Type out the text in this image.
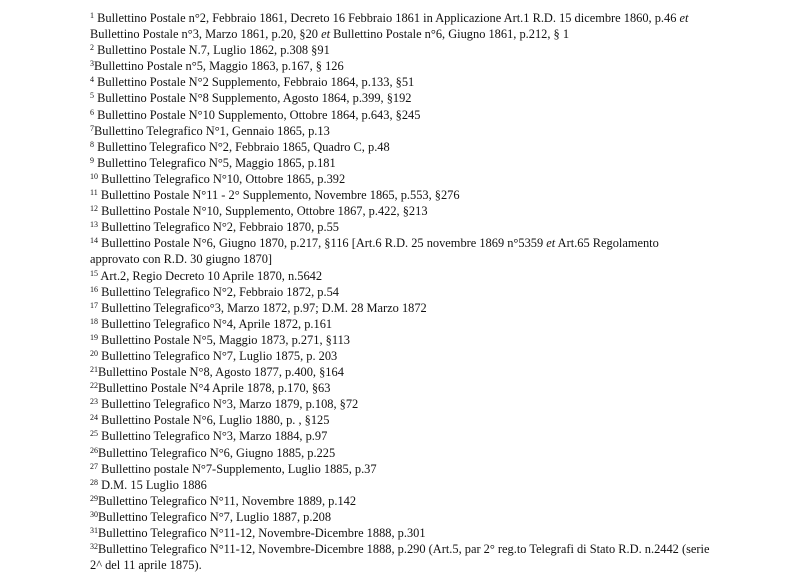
$^1$ Bullettino Postale n°2, Febbraio 1861, Decreto 16 Febbraio 1861 in Applicazione Art.1 R.D. 15 dicembre 1860, p.46 et Bullettino Postale n°3, Marzo 1861, p.20, §20 et Bullettino Postale n°6, Giugno 1861, p.212, § 1

$^2$ Bullettino Postale N.7, Luglio 1862, p.308 §91

$^3$Bullettino Postale n°5, Maggio 1863, p.167, § 126

$^4$ Bullettino Postale N°2 Supplemento, Febbraio 1864, p.133, §51

$^5$ Bullettino Postale N°8 Supplemento, Agosto 1864, p.399, §192

$^6$ Bullettino Postale N°10 Supplemento, Ottobre 1864, p.643, §245

$^7$Bullettino Telegrafico N°1, Gennaio 1865, p.13

$^8$ Bullettino Telegrafico N°2, Febbraio 1865, Quadro C, p.48

$^9$ Bullettino Telegrafico N°5, Maggio 1865, p.181

$^{10}$ Bullettino Telegrafico N°10, Ottobre 1865, p.392

$^{11}$ Bullettino Postale N°11 - 2° Supplemento, Novembre 1865, p.553, §276

$^{12}$ Bullettino Postale N°10, Supplemento, Ottobre 1867, p.422, §213

$^{13}$ Bullettino Telegrafico N°2, Febbraio 1870, p.55

$^{14}$ Bullettino Postale N°6, Giugno 1870, p.217, §116 [Art.6 R.D. 25 novembre 1869 n°5359 et Art.65 Regolamento approvato con R.D. 30 giugno 1870]

$^{15}$ Art.2, Regio Decreto 10 Aprile 1870, n.5642

$^{16}$ Bullettino Telegrafico N°2, Febbraio 1872, p.54

$^{17}$ Bullettino Telegrafico°3, Marzo 1872, p.97; D.M. 28 Marzo 1872

$^{18}$ Bullettino Telegrafico N°4, Aprile 1872, p.161

$^{19}$ Bullettino Postale N°5, Maggio 1873, p.271, §113

$^{20}$ Bullettino Telegrafico N°7, Luglio 1875, p. 203

$^{21}$Bullettino Postale N°8, Agosto 1877, p.400, §164

$^{22}$Bullettino Postale N°4 Aprile 1878, p.170, §63

$^{23}$ Bullettino Telegrafico N°3, Marzo 1879, p.108, §72

$^{24}$ Bullettino Postale N°6, Luglio 1880, p. , §125

$^{25}$ Bullettino Telegrafico N°3, Marzo 1884, p.97

$^{26}$Bullettino Telegrafico N°6, Giugno 1885, p.225

$^{27}$ Bullettino postale N°7-Supplemento, Luglio 1885, p.37

$^{28}$ D.M. 15 Luglio 1886

$^{29}$Bullettino Telegrafico N°11, Novembre 1889, p.142

$^{30}$Bullettino Telegrafico N°7, Luglio 1887, p.208

$^{31}$Bullettino Telegrafico N°11-12, Novembre-Dicembre 1888, p.301

$^{32}$Bullettino Telegrafico N°11-12, Novembre-Dicembre 1888, p.290 (Art.5, par 2° reg.to Telegrafi di Stato R.D. n.2442 (serie 2^ del 11 aprile 1875).
